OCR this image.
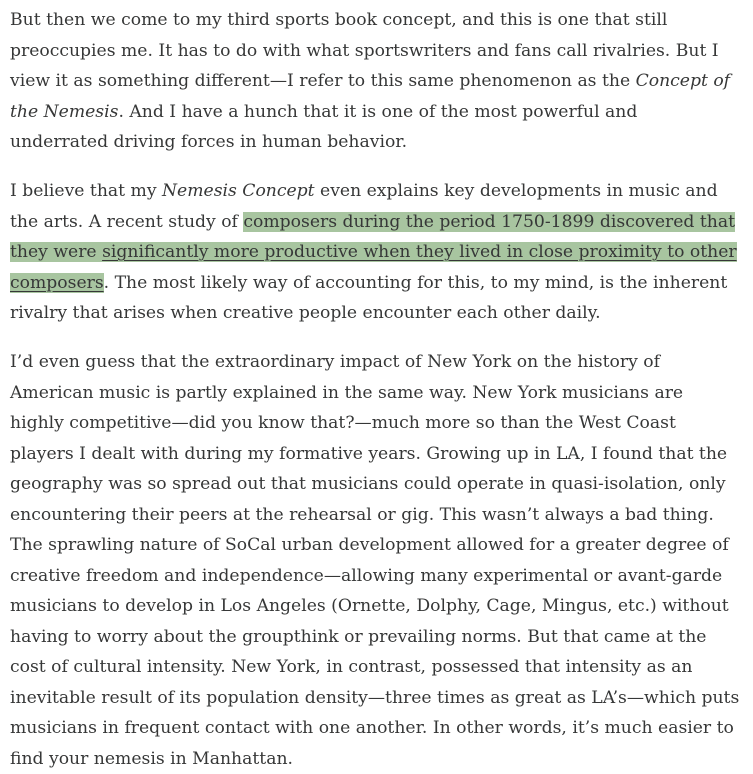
But then we come to my third sports book concept, and this is one that still preoccupies me. It has to do with what sportswriters and fans call rivalries. But I view it as something different—I refer to this same phenomenon as the Concept of the Nemesis. And I have a hunch that it is one of the most powerful and underrated driving forces in human behavior.

I believe that my Nemesis Concept even explains key developments in music and the arts. A recent study of composers during the period 1750-1899 discovered that they were significantly more productive when they lived in close proximity to other composers. The most likely way of accounting for this, to my mind, is the inherent rivalry that arises when creative people encounter each other daily.

I’d even guess that the extraordinary impact of New York on the history of American music is partly explained in the same way. New York musicians are highly competitive—did you know that?—much more so than the West Coast players I dealt with during my formative years. Growing up in LA, I found that the geography was so spread out that musicians could operate in quasi-isolation, only encountering their peers at the rehearsal or gig. This wasn’t always a bad thing. The sprawling nature of SoCal urban development allowed for a greater degree of creative freedom and independence—allowing many experimental or avant-garde musicians to develop in Los Angeles (Ornette, Dolphy, Cage, Mingus, etc.) without having to worry about the groupthink or prevailing norms. But that came at the cost of cultural intensity. New York, in contrast, possessed that intensity as an inevitable result of its population density—three times as great as LA’s—which puts musicians in frequent contact with one another. In other words, it’s much easier to find your nemesis in Manhattan.
